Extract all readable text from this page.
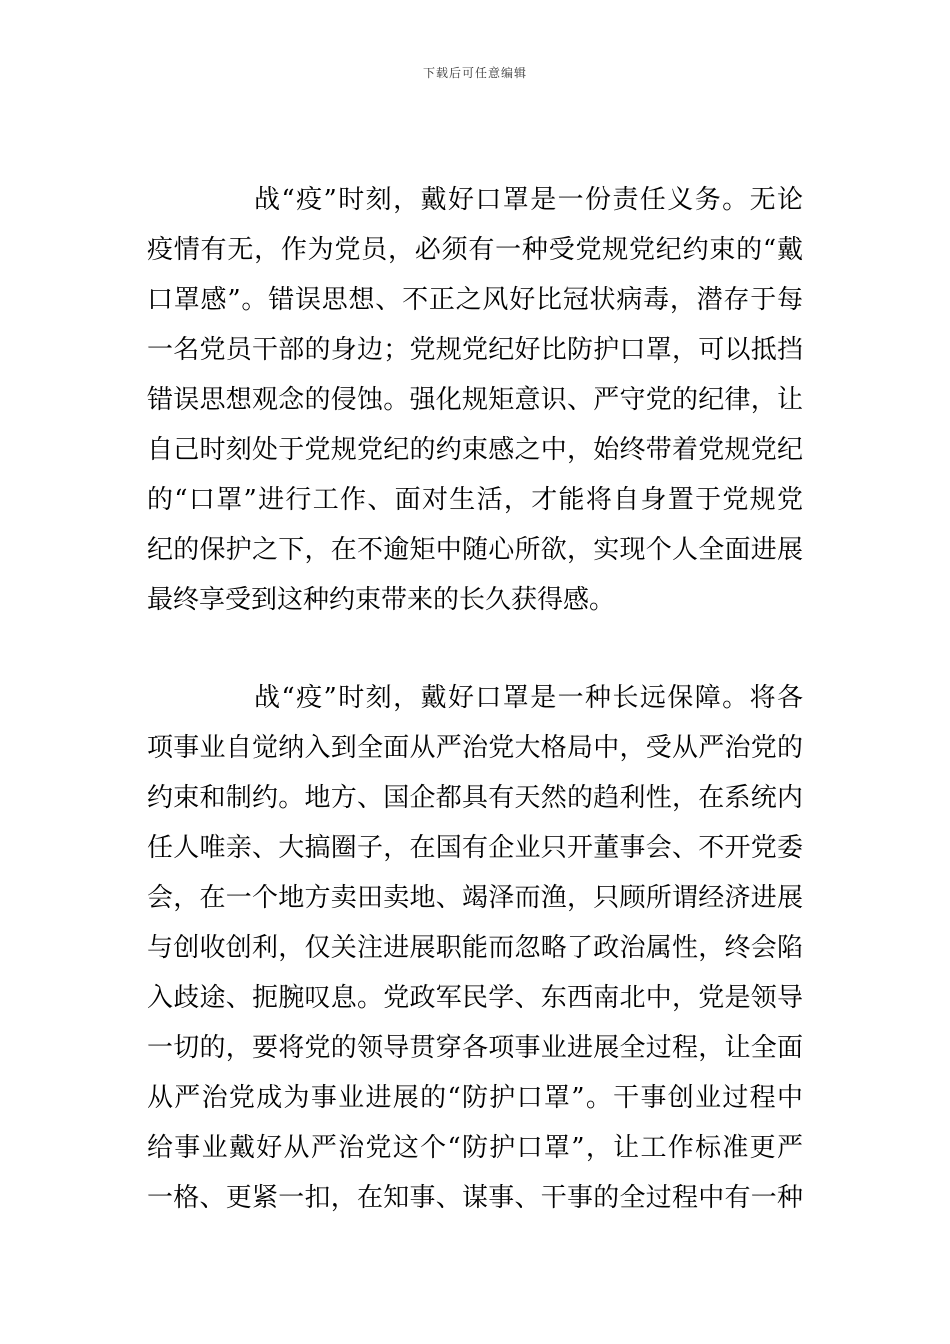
下载后可任意编辑
战“疫”时刻，戴好口罩是一份责任义务。无论
疫情有无，作为党员，必须有一种受党规党纪约束的“戴
口罩感”。错误思想、不正之风好比冠状病毒，潜存于每
一名党员干部的身边；党规党纪好比防护口罩，可以抵挡
错误思想观念的侵蚀。强化规矩意识、严守党的纪律，让
自己时刻处于党规党纪的约束感之中，始终带着党规党纪
的“口罩”进行工作、面对生活，才能将自身置于党规党
纪的保护之下，在不逾矩中随心所欲，实现个人全面进展
最终享受到这种约束带来的长久获得感。
战“疫”时刻，戴好口罩是一种长远保障。将各
项事业自觉纳入到全面从严治党大格局中，受从严治党的
约束和制约。地方、国企都具有天然的趋利性，在系统内
任人唯亲、大搞圈子，在国有企业只开董事会、不开党委
会，在一个地方卖田卖地、竭泽而渔，只顾所谓经济进展
与创收创利，仅关注进展职能而忽略了政治属性，终会陷
入歧途、扼腕叹息。党政军民学、东西南北中，党是领导
一切的，要将党的领导贯穿各项事业进展全过程，让全面
从严治党成为事业进展的“防护口罩”。干事创业过程中
给事业戴好从严治党这个“防护口罩”，让工作标准更严
一格、更紧一扣，在知事、谋事、干事的全过程中有一种
